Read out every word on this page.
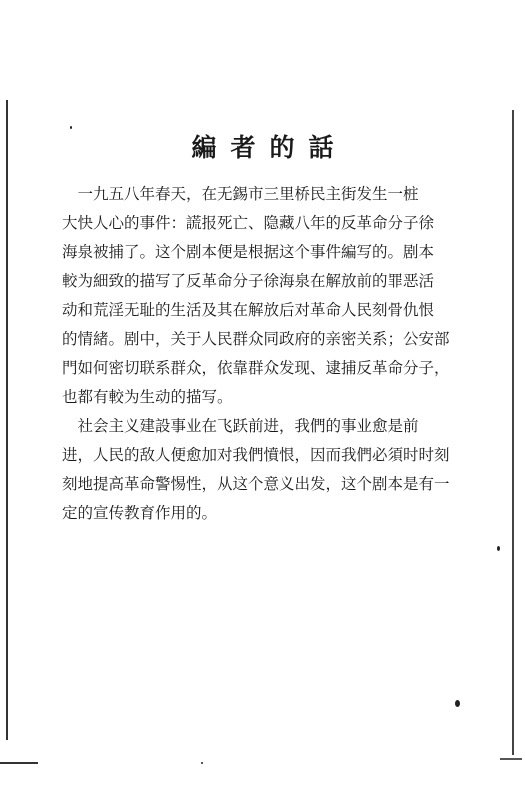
編者的話
　一九五八年春天，在无錫市三里桥民主街发生一桩
大快人心的事件：謊报死亡、隐藏八年的反革命分子徐
海泉被捕了。这个剧本便是根据这个事件編写的。剧本
較为細致的描写了反革命分子徐海泉在解放前的罪恶活
动和荒淫无耻的生活及其在解放后对革命人民刻骨仇恨
的情緒。剧中，关于人民群众同政府的亲密关系；公安部
門如何密切联系群众，依靠群众发现、逮捕反革命分子，
也都有較为生动的描写。
　社会主义建設事业在飞跃前进，我們的事业愈是前
进，人民的敌人便愈加对我們憤恨，因而我們必須时时刻
刻地提高革命警惕性，从这个意义出发，这个剧本是有一
定的宣传教育作用的。
